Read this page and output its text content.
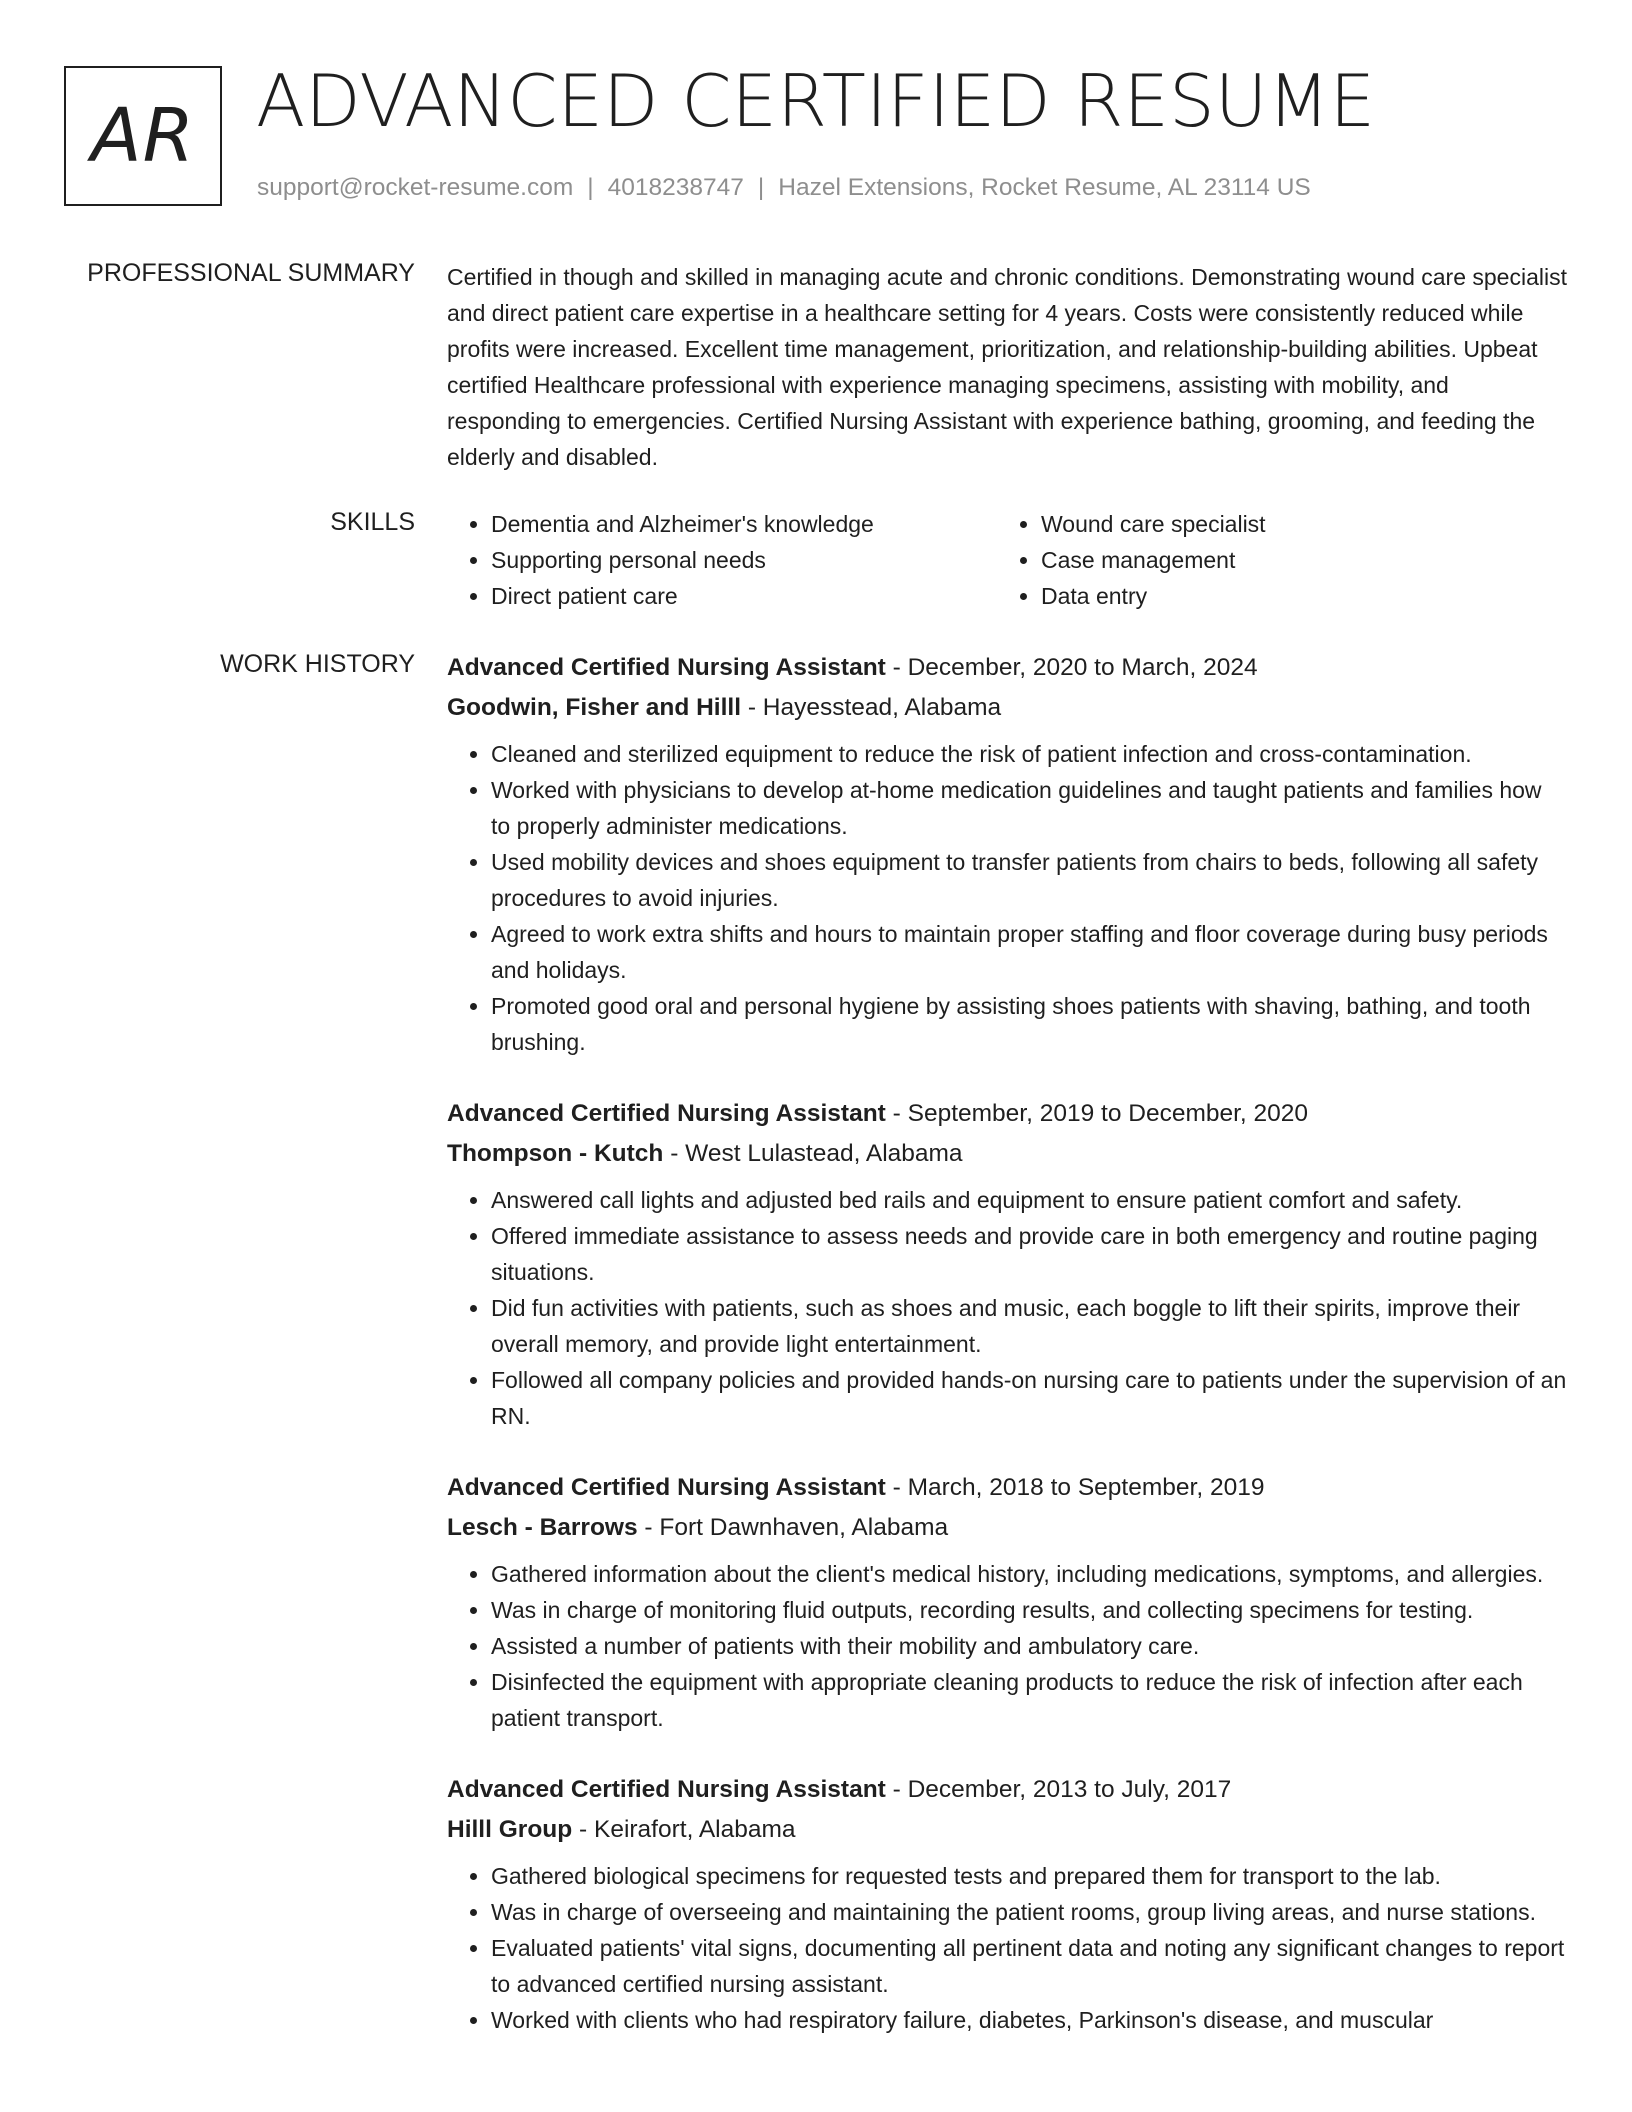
AR ADVANCED CERTIFIED RESUME
support@rocket-resume.com | 4018238747 | Hazel Extensions, Rocket Resume, AL 23114 US
PROFESSIONAL SUMMARY Certified in though and skilled in managing acute and chronic conditions. Demonstrating wound care specialist and direct patient care expertise in a healthcare setting for 4 years. Costs were consistently reduced while profits were increased. Excellent time management, prioritization, and relationship-building abilities. Upbeat certified Healthcare professional with experience managing specimens, assisting with mobility, and responding to emergencies. Certified Nursing Assistant with experience bathing, grooming, and feeding the elderly and disabled.
SKILLS
•	Dementia and Alzheimer's knowledge
• Supporting personal needs
• Direct patient care
• Wound care specialist
• Case management
• Data entry
WORK HISTORY Advanced Certified Nursing Assistant - December, 2020 to March, 2024
Goodwin, Fisher and Hilll - Hayesstead, Alabama
• Cleaned and sterilized equipment to reduce the risk of patient infection and cross-contamination.
• Worked with physicians to develop at-home medication guidelines and taught patients and families how to properly administer medications.
• Used mobility devices and shoes equipment to transfer patients from chairs to beds, following all safety procedures to avoid injuries.
• Agreed to work extra shifts and hours to maintain proper staffing and floor coverage during busy periods and holidays.
• Promoted good oral and personal hygiene by assisting shoes patients with shaving, bathing, and tooth brushing.
Advanced Certified Nursing Assistant - September, 2019 to December, 2020
Thompson - Kutch - West Lulastead, Alabama
• Answered call lights and adjusted bed rails and equipment to ensure patient comfort and safety.
• Offered immediate assistance to assess needs and provide care in both emergency and routine paging situations.
• Did fun activities with patients, such as shoes and music, each boggle to lift their spirits, improve their overall memory, and provide light entertainment.
• Followed all company policies and provided hands-on nursing care to patients under the supervision of an RN.
Advanced Certified Nursing Assistant - March, 2018 to September, 2019
Lesch - Barrows - Fort Dawnhaven, Alabama
• Gathered information about the client's medical history, including medications, symptoms, and allergies.
• Was in charge of monitoring fluid outputs, recording results, and collecting specimens for testing.
• Assisted a number of patients with their mobility and ambulatory care.
• Disinfected the equipment with appropriate cleaning products to reduce the risk of infection after each patient transport.
Advanced Certified Nursing Assistant - December, 2013 to July, 2017
Hilll Group - Keirafort, Alabama
• Gathered biological specimens for requested tests and prepared them for transport to the lab.
• Was in charge of overseeing and maintaining the patient rooms, group living areas, and nurse stations.
• Evaluated patients' vital signs, documenting all pertinent data and noting any significant changes to report to advanced certified nursing assistant.
• Worked with clients who had respiratory failure, diabetes, Parkinson's disease, and muscular
